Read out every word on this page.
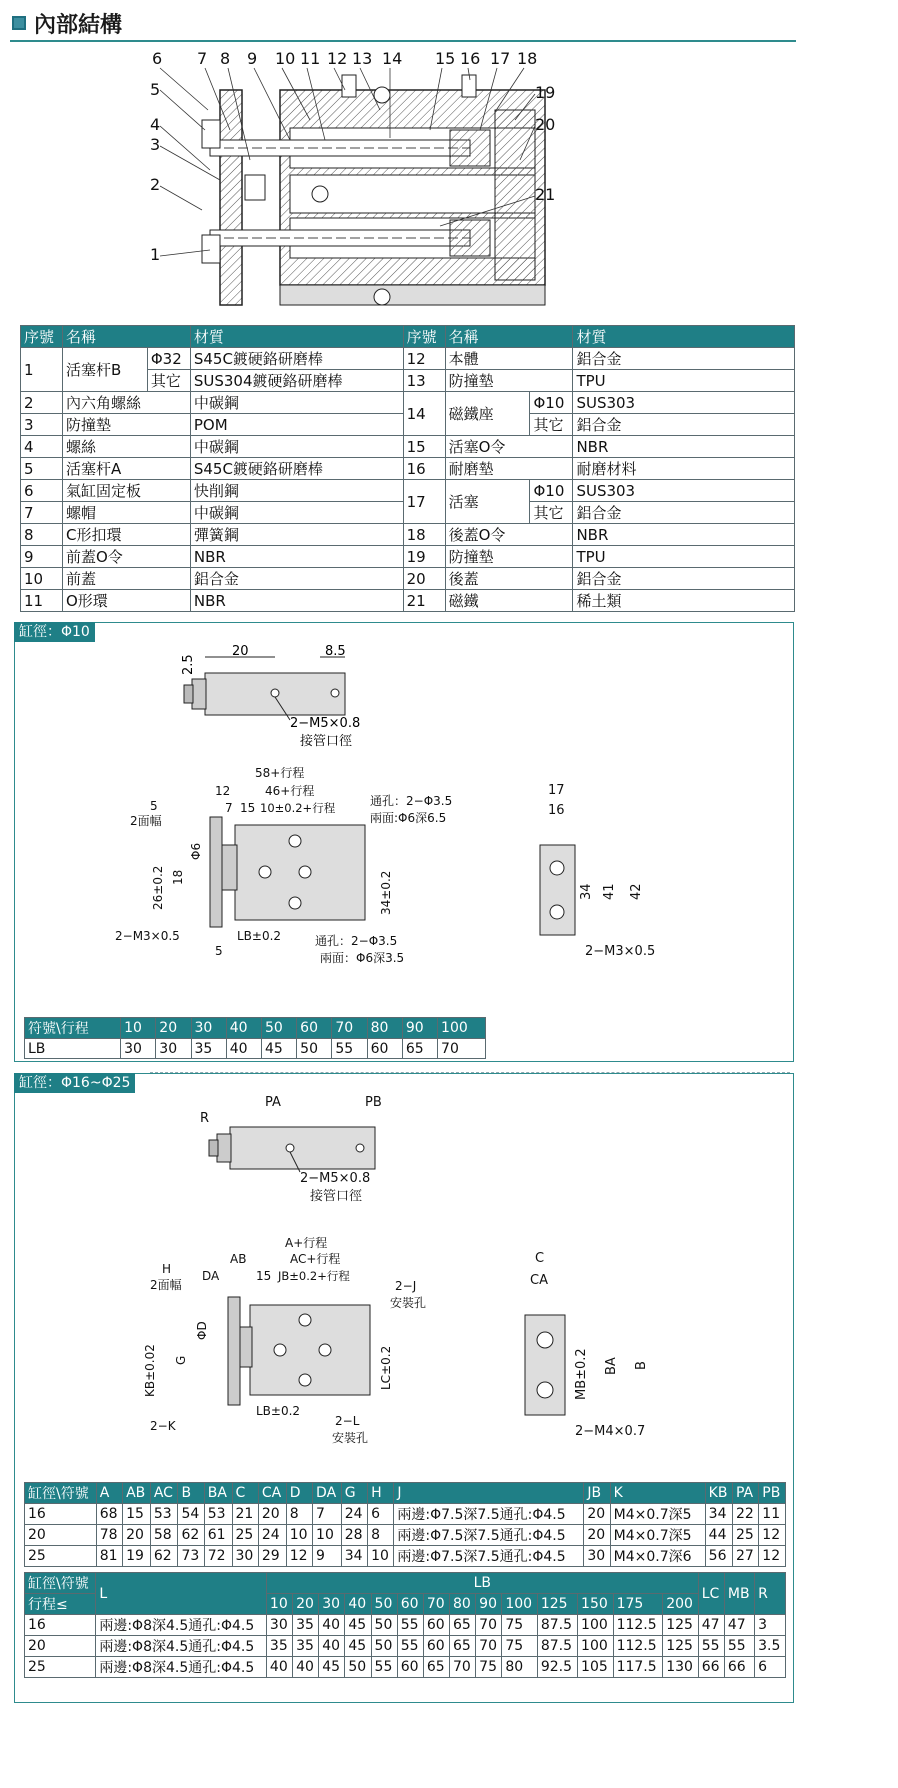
內部結構
6 7 8 9 10 11 12 13 14 15 16 17 18
5
4
3
2
1
19
20
21
序號	名稱		材質	序號	名稱		材質
1	活塞杆B	Φ32	S45C鍍硬鉻研磨棒	12	本體		鋁合金
		其它	SUS304鍍硬鉻研磨棒	13	防撞墊		TPU
2	內六角螺絲		中碳鋼	14	磁鐵座	Φ10	SUS303
3	防撞墊		POM			其它	鋁合金
4	螺絲		中碳鋼	15	活塞O令		NBR
5	活塞杆A		S45C鍍硬鉻研磨棒	16	耐磨墊		耐磨材料
6	氣缸固定板		快削鋼	17	活塞	Φ10	SUS303
7	螺帽		中碳鋼			其它	鋁合金
8	C形扣環		彈簧鋼	18	後蓋O令		NBR
9	前蓋O令		NBR	19	防撞墊		TPU
10	前蓋		鋁合金	20	後蓋		鋁合金
11	O形環		NBR	21	磁鐵		稀土類
缸徑：Φ10
20	8.5
2.5
2−M5×0.8
接管口徑
58+行程
46+行程
12
7 15 10±0.2+行程
5
2面幅
Φ6
18
26±0.2	34±0.2
LB±0.2
5
2−M3×0.5
通孔：2−Φ3.5
兩面:Φ6深6.5
通孔：2−Φ3.5
兩面：Φ6深3.5
17
16
34 41 42
2−M3×0.5
符號\行程	10	20	30	40	50	60	70	80	90	100
LB	30	30	35	40	45	50	55	60	65	70
缸徑：Φ16~Φ25
R
PA	PB
2−M5×0.8
接管口徑
A+行程
AB	AC+行程
H
2面幅
DA	15 JB±0.2+行程
2−J
安裝孔
ΦD
G
KB±0.02	LC±0.2
LB±0.2
2−K	2−L
安裝孔
C
CA
MB±0.2 BA B
2−M4×0.7
缸徑\符號	A	AB	AC	B	BA	C	CA	D	DA	G	H	J	JB	K	KB	PA	PB
16	68	15	53	54	53	21	20	8	7	24	6	兩邊:Φ7.5深7.5通孔:Φ4.5	20	M4×0.7深5	34	22	11
20	78	20	58	62	61	25	24	10	10	28	8	兩邊:Φ7.5深7.5通孔:Φ4.5	20	M4×0.7深5	44	25	12
25	81	19	62	73	72	30	29	12	9	34	10	兩邊:Φ7.5深7.5通孔:Φ4.5	30	M4×0.7深6	56	27	12
缸徑\符號	L	LB														LC	MB	R
行程≤		10	20	30	40	50	60	70	80	90	100	125	150	175	200			
16	兩邊:Φ8深4.5通孔:Φ4.5	30	35	40	45	50	55	60	65	70	75	87.5	100	112.5	125	47	47	3
20	兩邊:Φ8深4.5通孔:Φ4.5	35	35	40	45	50	55	60	65	70	75	87.5	100	112.5	125	55	55	3.5
25	兩邊:Φ8深4.5通孔:Φ4.5	40	40	45	50	55	60	65	70	75	80	92.5	105	117.5	130	66	66	6
